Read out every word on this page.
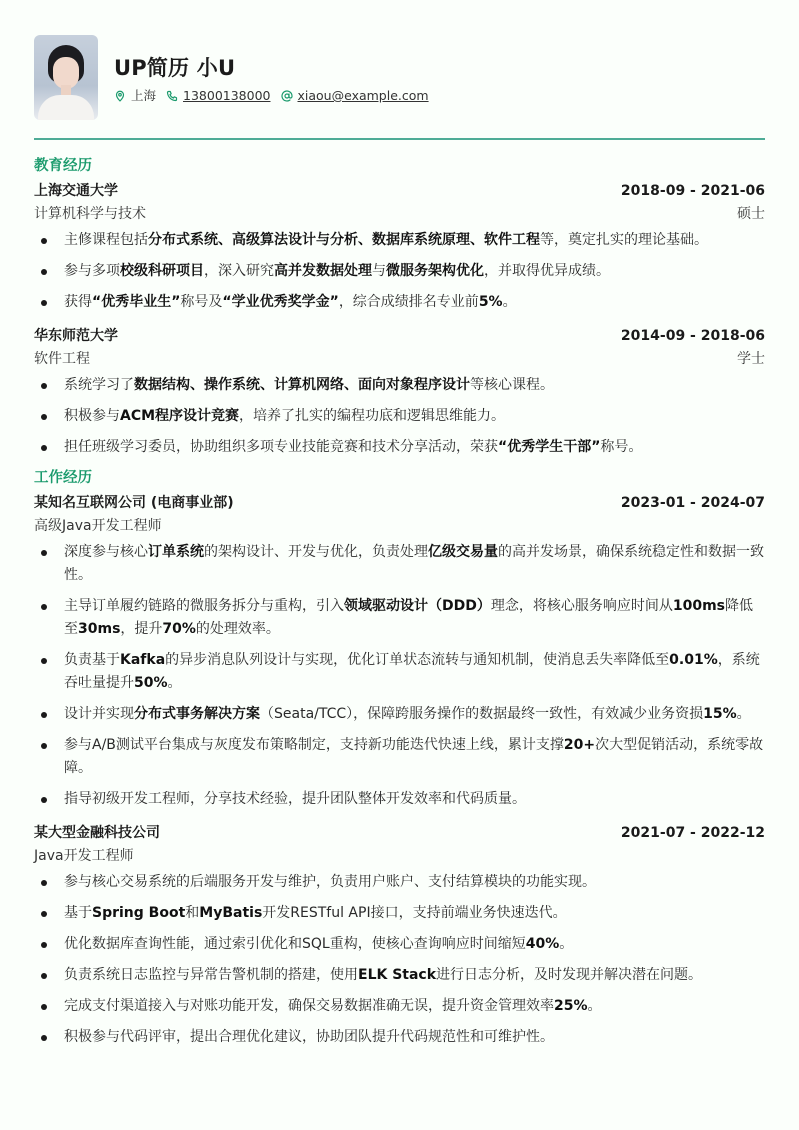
UP简历 小U
上海 13800138000 xiaou@example.com
教育经历
上海交通大学	2018-09 - 2021-06
计算机科学与技术	硕士
主修课程包括分布式系统、高级算法设计与分析、数据库系统原理、软件工程等，奠定扎实的理论基础。
参与多项校级科研项目，深入研究高并发数据处理与微服务架构优化，并取得优异成绩。
获得“优秀毕业生”称号及“学业优秀奖学金”，综合成绩排名专业前5%。
华东师范大学	2014-09 - 2018-06
软件工程	学士
系统学习了数据结构、操作系统、计算机网络、面向对象程序设计等核心课程。
积极参与ACM程序设计竞赛，培养了扎实的编程功底和逻辑思维能力。
担任班级学习委员，协助组织多项专业技能竞赛和技术分享活动，荣获“优秀学生干部”称号。
工作经历
某知名互联网公司 (电商事业部)	2023-01 - 2024-07
高级Java开发工程师
深度参与核心订单系统的架构设计、开发与优化，负责处理亿级交易量的高并发场景，确保系统稳定性和数据一致性。
主导订单履约链路的微服务拆分与重构，引入领域驱动设计（DDD）理念，将核心服务响应时间从100ms降低至30ms，提升70%的处理效率。
负责基于Kafka的异步消息队列设计与实现，优化订单状态流转与通知机制，使消息丢失率降低至0.01%，系统吞吐量提升50%。
设计并实现分布式事务解决方案（Seata/TCC），保障跨服务操作的数据最终一致性，有效减少业务资损15%。
参与A/B测试平台集成与灰度发布策略制定，支持新功能迭代快速上线，累计支撑20+次大型促销活动，系统零故障。
指导初级开发工程师，分享技术经验，提升团队整体开发效率和代码质量。
某大型金融科技公司	2021-07 - 2022-12
Java开发工程师
参与核心交易系统的后端服务开发与维护，负责用户账户、支付结算模块的功能实现。
基于Spring Boot和MyBatis开发RESTful API接口，支持前端业务快速迭代。
优化数据库查询性能，通过索引优化和SQL重构，使核心查询响应时间缩短40%。
负责系统日志监控与异常告警机制的搭建，使用ELK Stack进行日志分析，及时发现并解决潜在问题。
完成支付渠道接入与对账功能开发，确保交易数据准确无误，提升资金管理效率25%。
积极参与代码评审，提出合理优化建议，协助团队提升代码规范性和可维护性。
